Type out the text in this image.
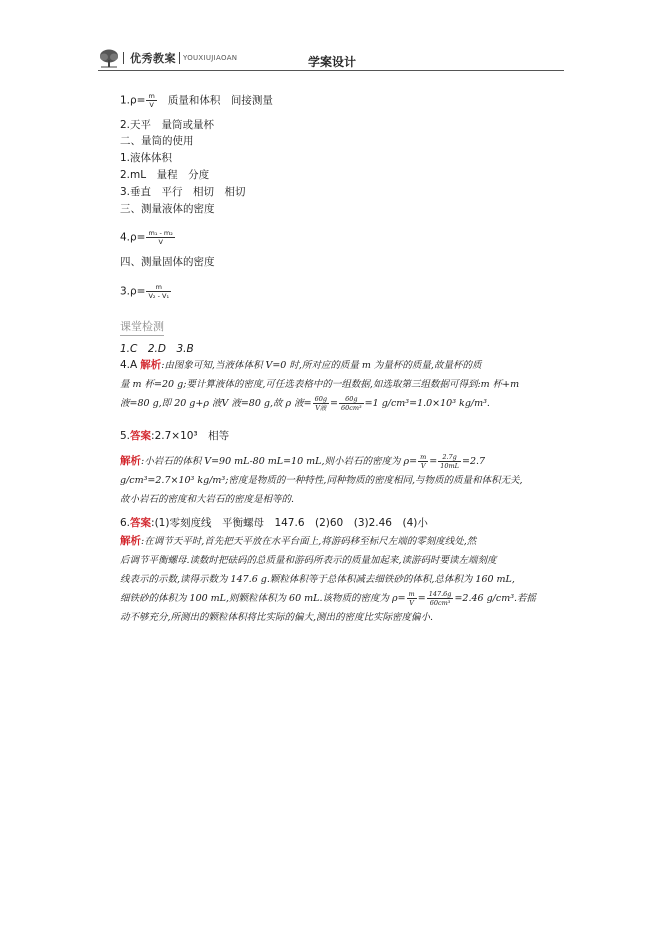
优秀教案 YOUXIUJIAOAN	学案设计
$1.\rho= \frac{m}{V}$ 质量和体积　间接测量
2.天平　量筒或量杯
二、量筒的使用
1.液体体积
2.mL　量程　分度
3.垂直　平行　相切　相切
三、测量液体的密度
$4.\rho= \frac{\text{m₁ - m₂}}{V}$
四、测量固体的密度
$3.\rho= \frac{m}{\text{V₂ - V₁}}$
课堂检测
1.C　2.D　3.B
4.A 解析:由图象可知,当液体体积 V=0 时,所对应的质量 m 为量杯的质量,故量杯的质
量 m 杯=20 g;要计算液体的密度,可任选表格中的一组数据,如选取第三组数据可得到:m 杯+m
液=80 g,即 20 g+ρ 液V 液=80 g,故 ρ 液= $\frac{60g}{\text{V液}} = \frac{60g}{\text{60cm³}} =1$ g/cm³=1.0×10³ kg/m³.
5.答案:2.7×10³　相等
解析:小岩石的体积 V=90 mL-80 mL=10 mL,则小岩石的密度为 $\rho= \frac{m}{V} = \frac{2.7g}{10mL} =2.7$
g/cm³=2.7×10³ kg/m³;密度是物质的一种特性,同种物质的密度相同,与物质的质量和体积无关,
故小岩石的密度和大岩石的密度是相等的.
6.答案:(1)零刻度线　平衡螺母　147.6　(2)60　(3)2.46　(4)小
解析:在调节天平时,首先把天平放在水平台面上,将游码移至标尺左端的零刻度线处,然
后调节平衡螺母.读数时把砝码的总质量和游码所表示的质量加起来,读游码时要读左端刻度
线表示的示数,读得示数为 147.6 g.颗粒体积等于总体积减去细铁砂的体积,总体积为 160 mL,
细铁砂的体积为 100 mL,则颗粒体积为 60 mL.该物质的密度为 $\rho= \frac{m}{V} = \frac{147.6g}{\text{60cm³}} =2.46$ g/cm³.若摇
动不够充分,所测出的颗粒体积将比实际的偏大,测出的密度比实际密度偏小.
